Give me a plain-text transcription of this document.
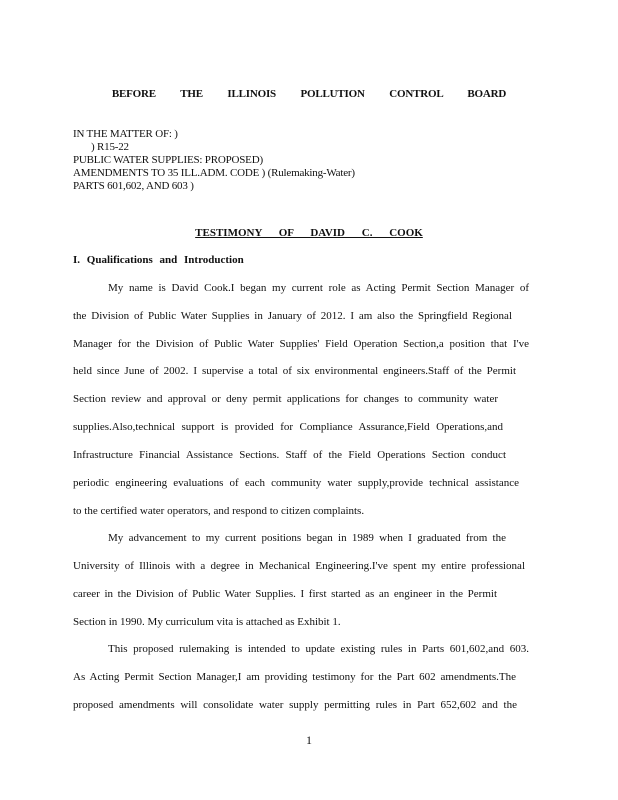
BEFORE THE ILLINOIS POLLUTION CONTROL BOARD
IN THE MATTER OF: )
) R15-22
PUBLIC WATER SUPPLIES: PROPOSED)
AMENDMENTS TO 35 ILL.ADM. CODE ) (Rulemaking-Water)
PARTS 601,602, AND 603 )
TESTIMONY OF DAVID C. COOK
I. Qualifications and Introduction
My name is David Cook.I began my current role as Acting Permit Section Manager of
the Division of Public Water Supplies in January of 2012. I am also the Springfield Regional
Manager for the Division of Public Water Supplies' Field Operation Section,a position that I've
held since June of 2002. I supervise a total of six environmental engineers.Staff of the Permit
Section review and approval or deny permit applications for changes to community water
supplies.Also,technical support is provided for Compliance Assurance,Field Operations,and
Infrastructure Financial Assistance Sections. Staff of the Field Operations Section conduct
periodic engineering evaluations of each community water supply,provide technical assistance
to the certified water operators, and respond to citizen complaints.
My advancement to my current positions began in 1989 when I graduated from the
University of Illinois with a degree in Mechanical Engineering.I've spent my entire professional
career in the Division of Public Water Supplies. I first started as an engineer in the Permit
Section in 1990. My curriculum vita is attached as Exhibit 1.
This proposed rulemaking is intended to update existing rules in Parts 601,602,and 603.
As Acting Permit Section Manager,I am providing testimony for the Part 602 amendments.The
proposed amendments will consolidate water supply permitting rules in Part 652,602 and the
1
